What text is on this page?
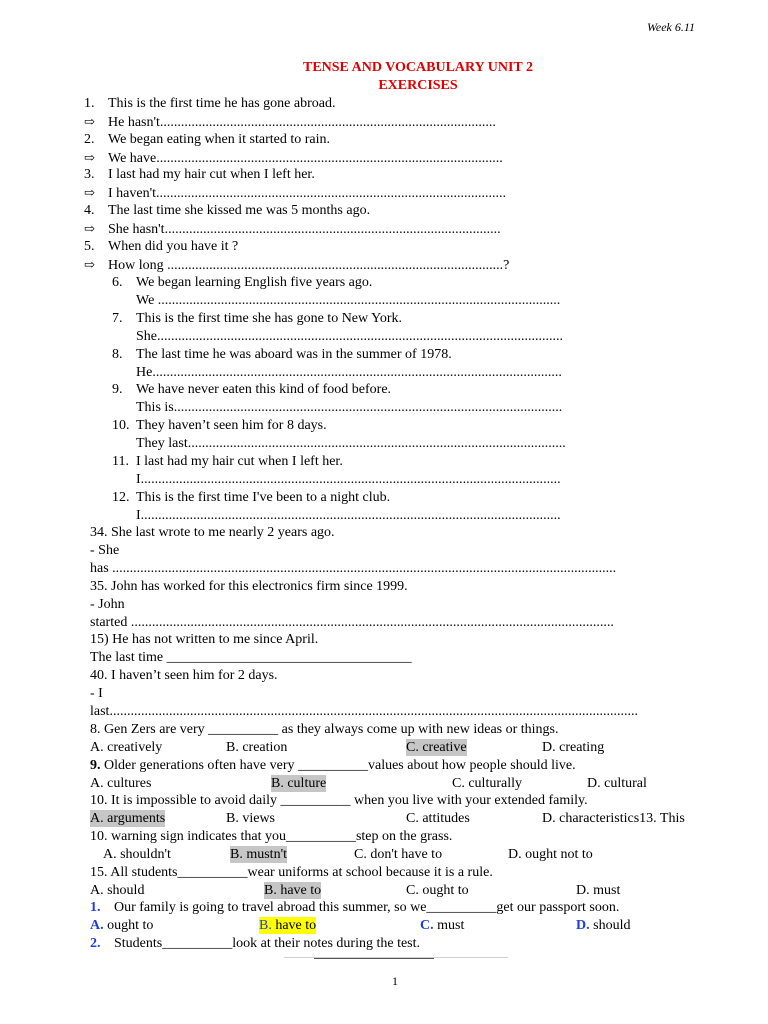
Week 6.11
TENSE AND VOCABULARY UNIT 2
EXERCISES
1. This is the first time he has gone abroad.
⇨ He hasn't................................................................................................
2. We began eating when it started to rain.
⇨ We have...................................................................................................
3. I last had my hair cut when I left her.
⇨ I haven't....................................................................................................
4. The last time she kissed me was 5 months ago.
⇨ She hasn't................................................................................................
5. When did you have it ?
⇨ How long ................................................................................................?
6. We began learning English five years ago.
We ...................................................................................................................
7. This is the first time she has gone to New York.
She....................................................................................................................
8. The last time he was aboard was in the summer of 1978.
He.....................................................................................................................
9. We have never eaten this kind of food before.
This is...............................................................................................................
10. They haven’t seen him for 8 days.
They last............................................................................................................
11. I last had my hair cut when I left her.
I........................................................................................................................
12. This is the first time I've been to a night club.
I........................................................................................................................
34. She last wrote to me nearly 2 years ago.
- She
has ................................................................................................................................................
35. John has worked for this electronics firm since 1999.
- John
started ..........................................................................................................................................
15) He has not written to me since April.
The last time ___________________________________
40. I haven’t seen him for 2 days.
- I
last.......................................................................................................................................................
8. Gen Zers are very __________ as they always come up with new ideas or things.
A. creatively	B. creation	C. creative	D. creating
9. Older generations often have very __________values about how people should live.
A. cultures	B. culture	C. culturally	D. cultural
10. It is impossible to avoid daily __________ when you live with your extended family.
A. arguments	B. views	C. attitudes	D. characteristics13. This
10. warning sign indicates that you__________step on the grass.
A. shouldn't	B. mustn't	C. don't have to	D. ought not to
15. All students__________wear uniforms at school because it is a rule.
A. should	B. have to	C. ought to	D. must
1. Our family is going to travel abroad this summer, so we__________get our passport soon.
A. ought to	B. have to	C. must	D. should
2. Students__________look at their notes during the test.
1
